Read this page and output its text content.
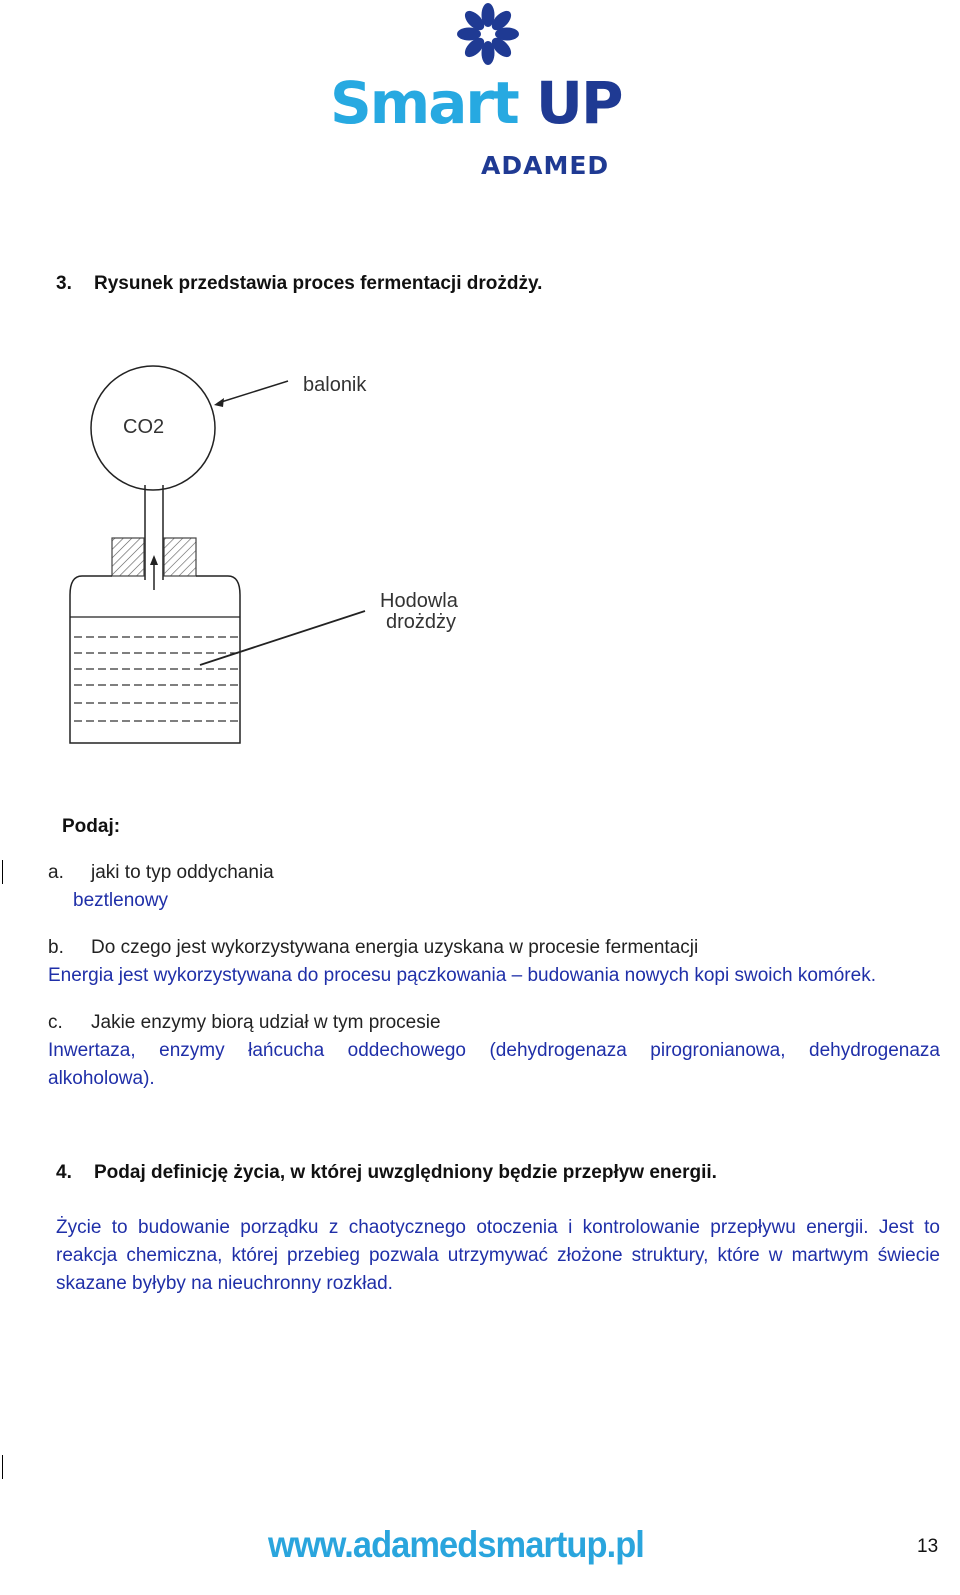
Smart UP
ADAMED
3. Rysunek przedstawia proces fermentacji drożdży.
CO2
balonik
Hodowla
drożdży
Podaj:
a. jaki to typ oddychania
beztlenowy
b. Do czego jest wykorzystywana energia uzyskana w procesie fermentacji
Energia jest wykorzystywana do procesu pączkowania – budowania nowych kopi swoich komórek.
c. Jakie enzymy biorą udział w tym procesie
Inwertaza, enzymy łańcucha oddechowego (dehydrogenaza pirogronianowa, dehydrogenaza alkoholowa).
4. Podaj definicję życia, w której uwzględniony będzie przepływ energii.
Życie to budowanie porządku z chaotycznego otoczenia i kontrolowanie przepływu energii. Jest to reakcja chemiczna, której przebieg pozwala utrzymywać złożone struktury, które w martwym świecie skazane byłyby na nieuchronny rozkład.
www.adamedsmartup.pl	13
